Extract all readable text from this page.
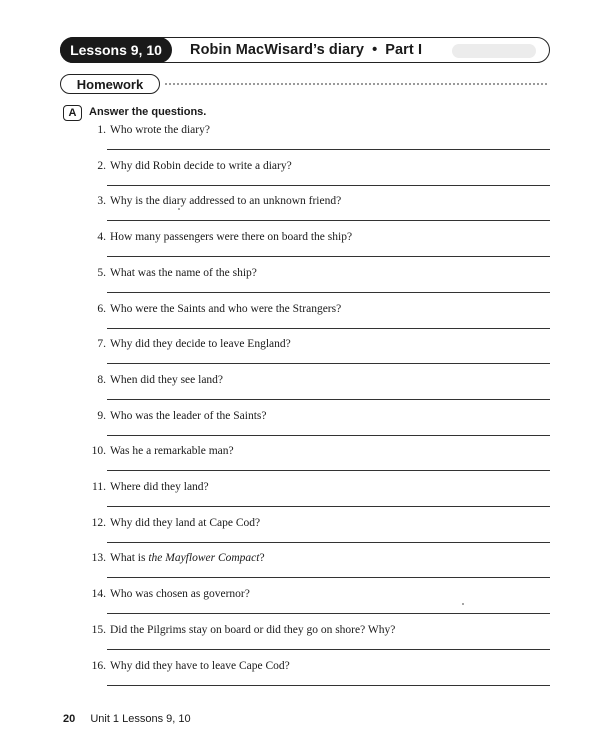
Lessons 9, 10	Robin MacWisard’s diary • Part I
Homework
A	Answer the questions.
1. Who wrote the diary?
2. Why did Robin decide to write a diary?
3. Why is the diary addressed to an unknown friend?
4. How many passengers were there on board the ship?
5. What was the name of the ship?
6. Who were the Saints and who were the Strangers?
7. Why did they decide to leave England?
8. When did they see land?
9. Who was the leader of the Saints?
10. Was he a remarkable man?
11. Where did they land?
12. Why did they land at Cape Cod?
13. What is the Mayflower Compact?
14. Who was chosen as governor?
15. Did the Pilgrims stay on board or did they go on shore? Why?
16. Why did they have to leave Cape Cod?
20 Unit 1 Lessons 9, 10
